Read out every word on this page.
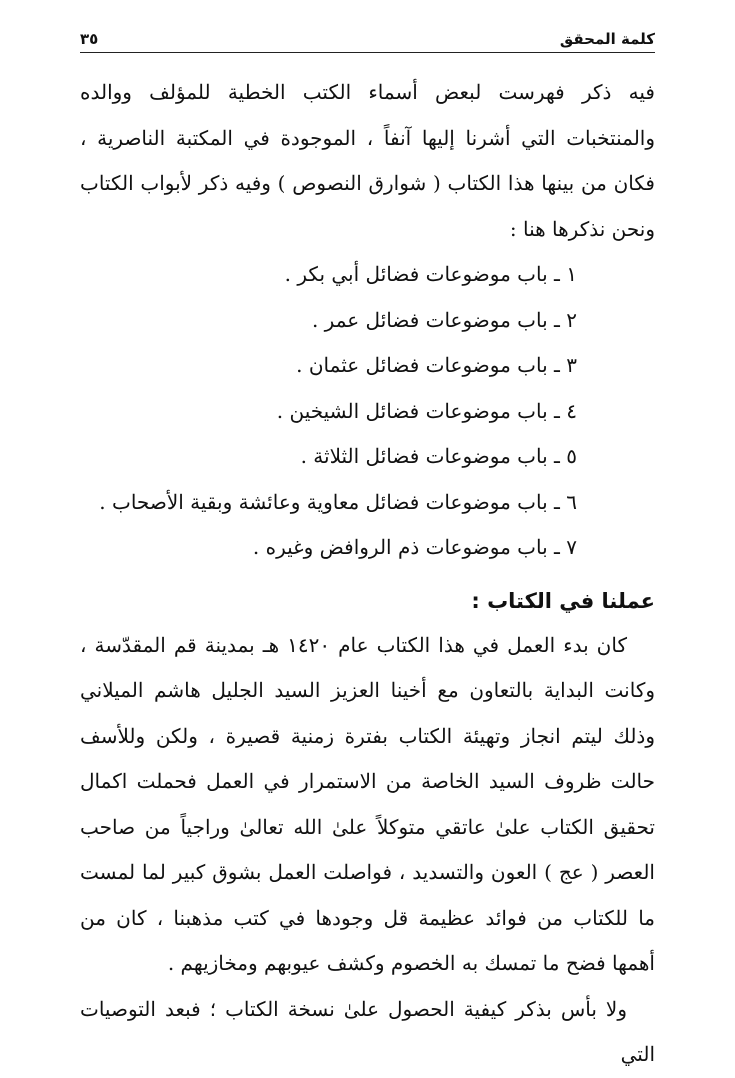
كلمة المحقق
٣٥

فيه ذكر فهرست لبعض أسماء الكتب الخطية للمؤلف ووالده والمنتخبات التي أشرنا إليها آنفاً ، الموجودة في المكتبة الناصرية ، فكان من بينها هذا الكتاب ( شوارق النصوص ) وفيه ذكر لأبواب الكتاب ونحن نذكرها هنا :

١ ـ باب موضوعات فضائل أبي بكر .
٢ ـ باب موضوعات فضائل عمر .
٣ ـ باب موضوعات فضائل عثمان .
٤ ـ باب موضوعات فضائل الشيخين .
٥ ـ باب موضوعات فضائل الثلاثة .
٦ ـ باب موضوعات فضائل معاوية وعائشة وبقية الأصحاب .
٧ ـ باب موضوعات ذم الروافض وغيره .
عملنا في الكتاب :

كان بدء العمل في هذا الكتاب عام ١٤٢٠ هـ بمدينة قم المقدّسة ، وكانت البداية بالتعاون مع أخينا العزيز السيد الجليل هاشم الميلاني وذلك ليتم انجاز وتهيئة الكتاب بفترة زمنية قصيرة ، ولكن وللأسف حالت ظروف السيد الخاصة من الاستمرار في العمل فحملت اكمال تحقيق الكتاب علىٰ عاتقي متوكلاً علىٰ الله تعالىٰ وراجياً من صاحب العصر ( عج ) العون والتسديد ، فواصلت العمل بشوق كبير لما لمست ما للكتاب من فوائد عظيمة قل وجودها في كتب مذهبنا ، كان من أهمها فضح ما تمسك به الخصوم وكشف عيوبهم ومخازيهم .

ولا بأس بذكر كيفية الحصول علىٰ نسخة الكتاب ؛ فبعد التوصيات التي
